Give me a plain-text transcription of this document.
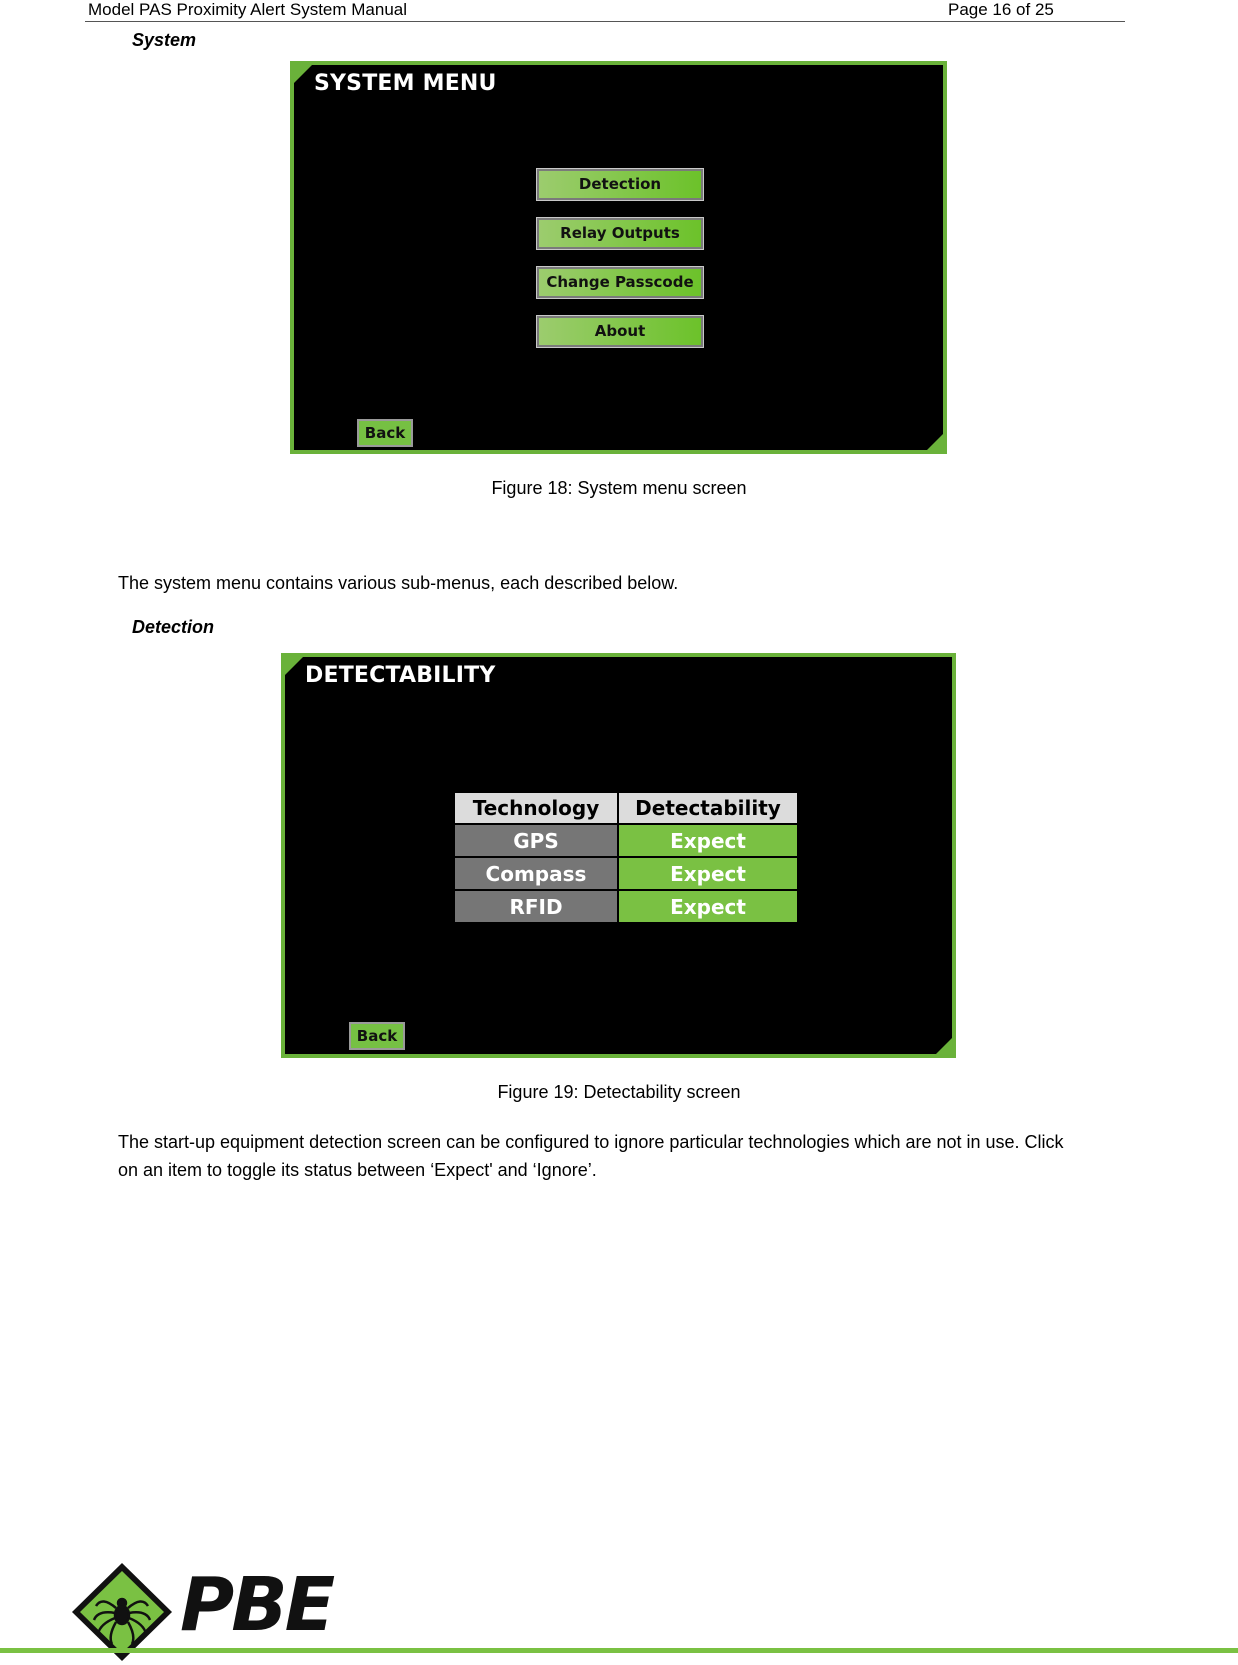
Model PAS Proximity Alert System Manual	Page 16 of 25
System
SYSTEM MENU
Detection
Relay Outputs
Change Passcode
About
Back
Figure 18: System menu screen
The system menu contains various sub-menus, each described below.
Detection
DETECTABILITY
Technology	Detectability
GPS	Expect
Compass	Expect
RFID	Expect
Back
Figure 19: Detectability screen
The start-up equipment detection screen can be configured to ignore particular technologies which are not in use. Click
on an item to toggle its status between ‘Expect' and ‘Ignore’.
PBE
